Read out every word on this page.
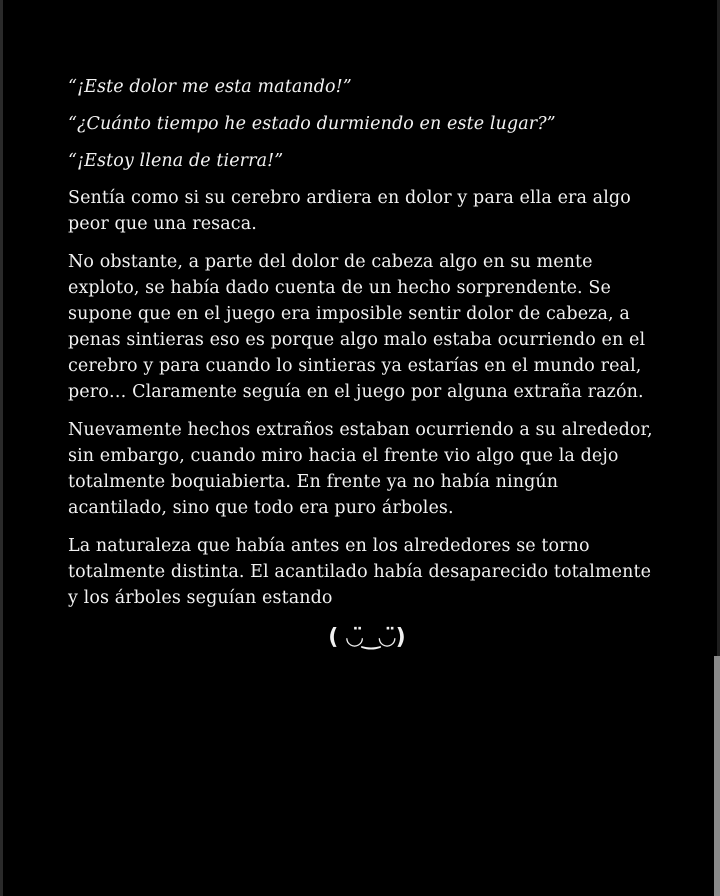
“¡Este dolor me esta matando!”

“¿Cuánto tiempo he estado durmiendo en este lugar?”

“¡Estoy llena de tierra!”

Sentía como si su cerebro ardiera en dolor y para ella era algo peor que una resaca.

No obstante, a parte del dolor de cabeza algo en su mente exploto, se había dado cuenta de un hecho sorprendente. Se supone que en el juego era imposible sentir dolor de cabeza, a penas sintieras eso es porque algo malo estaba ocurriendo en el cerebro y para cuando lo sintieras ya estarías en el mundo real, pero… Claramente seguía en el juego por alguna extraña razón.

Nuevamente hechos extraños estaban ocurriendo a su alrededor, sin embargo, cuando miro hacia el frente vio algo que la dejo totalmente boquiabierta. En frente ya no había ningún acantilado, sino que todo era puro árboles.

La naturaleza que había antes en los alrededores se torno totalmente distinta. El acantilado había desaparecido totalmente y los árboles seguían estando

( ◡̈ ͜ ◡̈)
